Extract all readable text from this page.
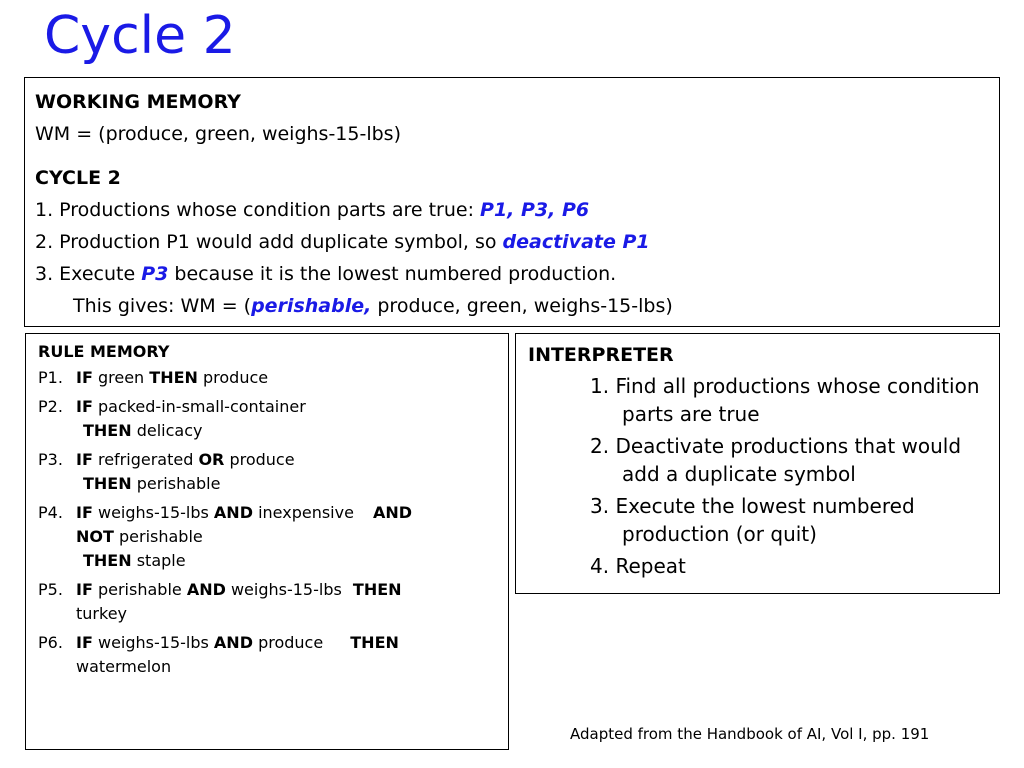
Cycle 2
WORKING MEMORY
WM = (produce, green, weighs-15-lbs)
CYCLE 2
1. Productions whose condition parts are true: P1, P3, P6
2. Production P1 would add duplicate symbol, so deactivate P1
3. Execute P3 because it is the lowest numbered production.
This gives: WM = (perishable, produce, green, weighs-15-lbs)
RULE MEMORY
P1. IF green THEN produce
P2. IF packed-in-small-container
THEN delicacy
P3. IF refrigerated OR produce
THEN perishable
P4. IF weighs-15-lbs AND inexpensive AND
NOT perishable
THEN staple
P5. IF perishable AND weighs-15-lbs THEN
turkey
P6. IF weighs-15-lbs AND produce THEN
watermelon
INTERPRETER
1. Find all productions whose condition parts are true
2. Deactivate productions that would add a duplicate symbol
3. Execute the lowest numbered production (or quit)
4. Repeat
Adapted from the Handbook of AI, Vol I, pp. 191
